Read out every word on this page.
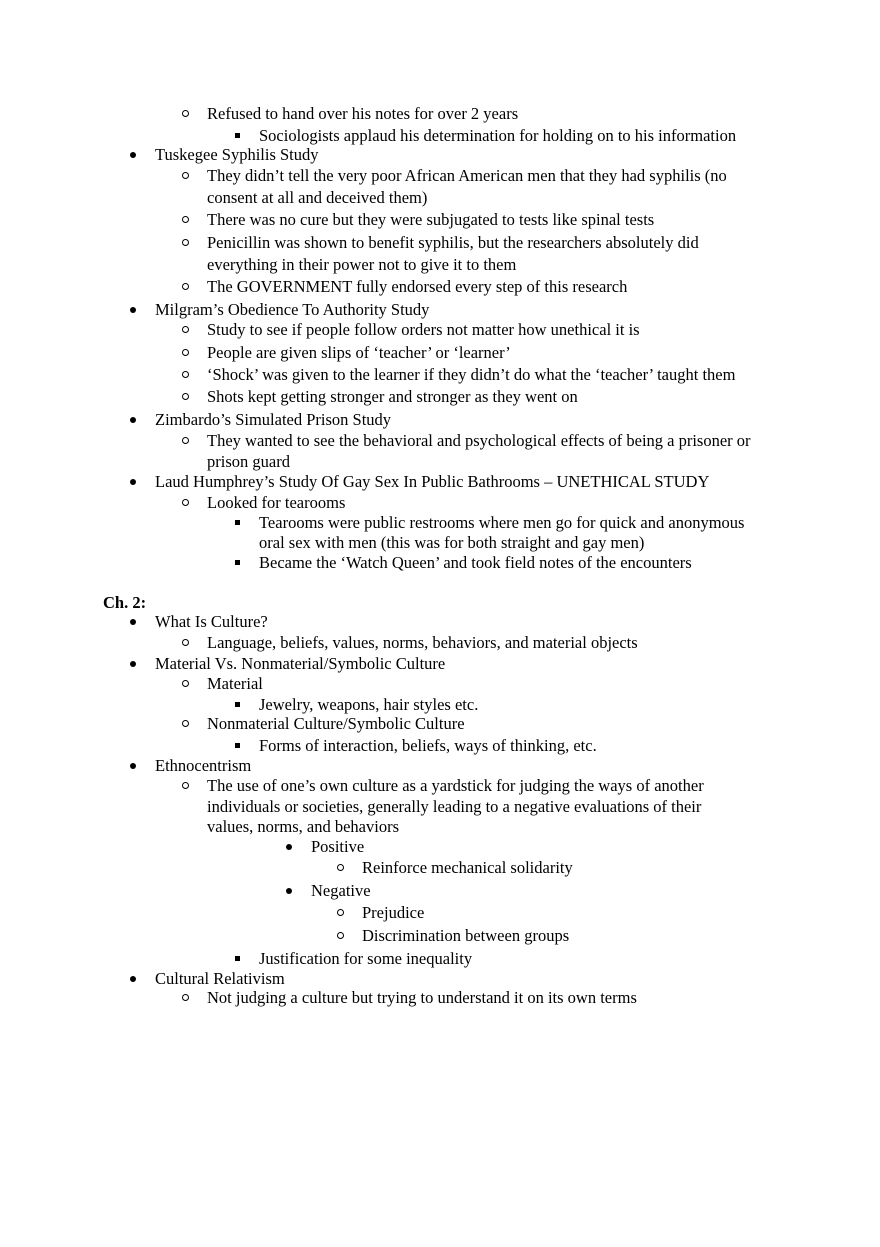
Refused to hand over his notes for over 2 years
Sociologists applaud his determination for holding on to his information
Tuskegee Syphilis Study
They didn’t tell the very poor African American men that they had syphilis (no
consent at all and deceived them)
There was no cure but they were subjugated to tests like spinal tests
Penicillin was shown to benefit syphilis, but the researchers absolutely did
everything in their power not to give it to them
The GOVERNMENT fully endorsed every step of this research
Milgram’s Obedience To Authority Study
Study to see if people follow orders not matter how unethical it is
People are given slips of ‘teacher’ or ‘learner’
‘Shock’ was given to the learner if they didn’t do what the ‘teacher’ taught them
Shots kept getting stronger and stronger as they went on
Zimbardo’s Simulated Prison Study
They wanted to see the behavioral and psychological effects of being a prisoner or
prison guard
Laud Humphrey’s Study Of Gay Sex In Public Bathrooms – UNETHICAL STUDY
Looked for tearooms
Tearooms were public restrooms where men go for quick and anonymous
oral sex with men (this was for both straight and gay men)
Became the ‘Watch Queen’ and took field notes of the encounters
Ch. 2:
What Is Culture?
Language, beliefs, values, norms, behaviors, and material objects
Material Vs. Nonmaterial/Symbolic Culture
Material
Jewelry, weapons, hair styles etc.
Nonmaterial Culture/Symbolic Culture
Forms of interaction, beliefs, ways of thinking, etc.
Ethnocentrism
The use of one’s own culture as a yardstick for judging the ways of another
individuals or societies, generally leading to a negative evaluations of their
values, norms, and behaviors
Positive
Reinforce mechanical solidarity
Negative
Prejudice
Discrimination between groups
Justification for some inequality
Cultural Relativism
Not judging a culture but trying to understand it on its own terms
